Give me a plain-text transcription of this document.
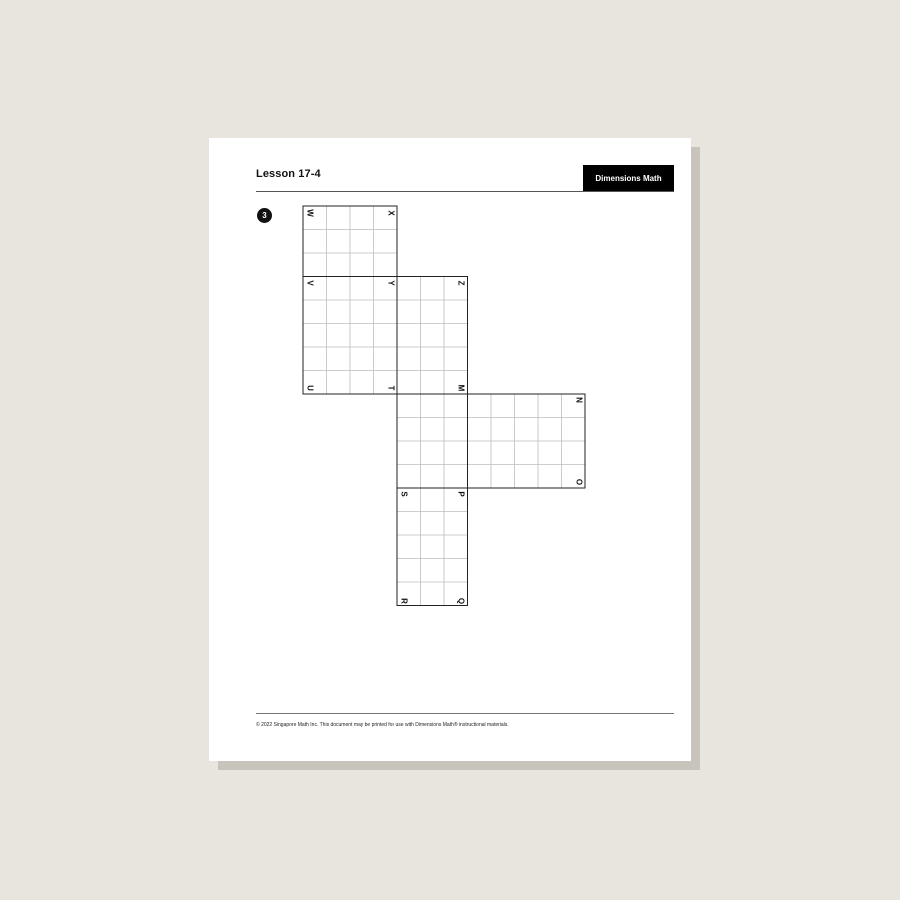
Lesson 17-4	Dimensions Math
3	W	X
V	Y	Z
U	T	M
N
O
S	P
R	Q
© 2022 Singapore Math Inc. This document may be printed for use with Dimensions Math® instructional materials.
